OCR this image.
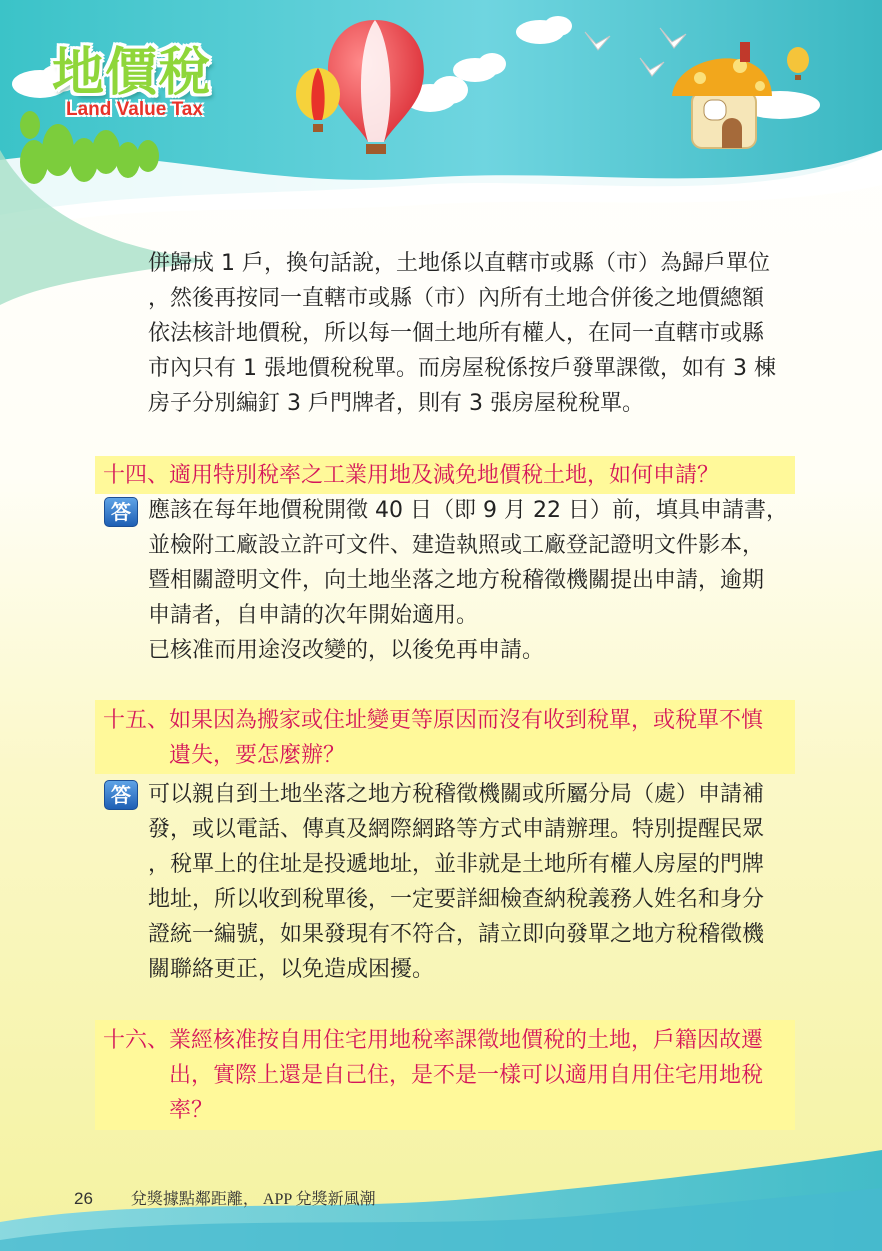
地價稅
Land Value Tax

併歸成 1 戶，換句話說，土地係以直轄市或縣（市）為歸戶單位

，然後再按同一直轄市或縣（市）內所有土地合併後之地價總額

依法核計地價稅，所以每一個土地所有權人，在同一直轄市或縣

市內只有 1 張地價稅稅單。而房屋稅係按戶發單課徵，如有 3 棟

房子分別編釘 3 戶門牌者，則有 3 張房屋稅稅單。

十四、適用特別稅率之工業用地及減免地價稅土地，如何申請？

答 應該在每年地價稅開徵 40 日（即 9 月 22 日）前，填具申請書，

並檢附工廠設立許可文件、建造執照或工廠登記證明文件影本，

暨相關證明文件，向土地坐落之地方稅稽徵機關提出申請，逾期

申請者，自申請的次年開始適用。

已核准而用途沒改變的，以後免再申請。

十五、如果因為搬家或住址變更等原因而沒有收到稅單，或稅單不慎

　　　遺失，要怎麼辦？

答 可以親自到土地坐落之地方稅稽徵機關或所屬分局（處）申請補

發，或以電話、傳真及網際網路等方式申請辦理。特別提醒民眾

，稅單上的住址是投遞地址，並非就是土地所有權人房屋的門牌

地址，所以收到稅單後，一定要詳細檢查納稅義務人姓名和身分

證統一編號，如果發現有不符合，請立即向發單之地方稅稽徵機

關聯絡更正，以免造成困擾。

十六、業經核准按自用住宅用地稅率課徵地價稅的土地，戶籍因故遷

　　　出，實際上還是自己住，是不是一樣可以適用自用住宅用地稅

　　　率？

26 兌獎據點鄰距離， APP 兌獎新風潮
